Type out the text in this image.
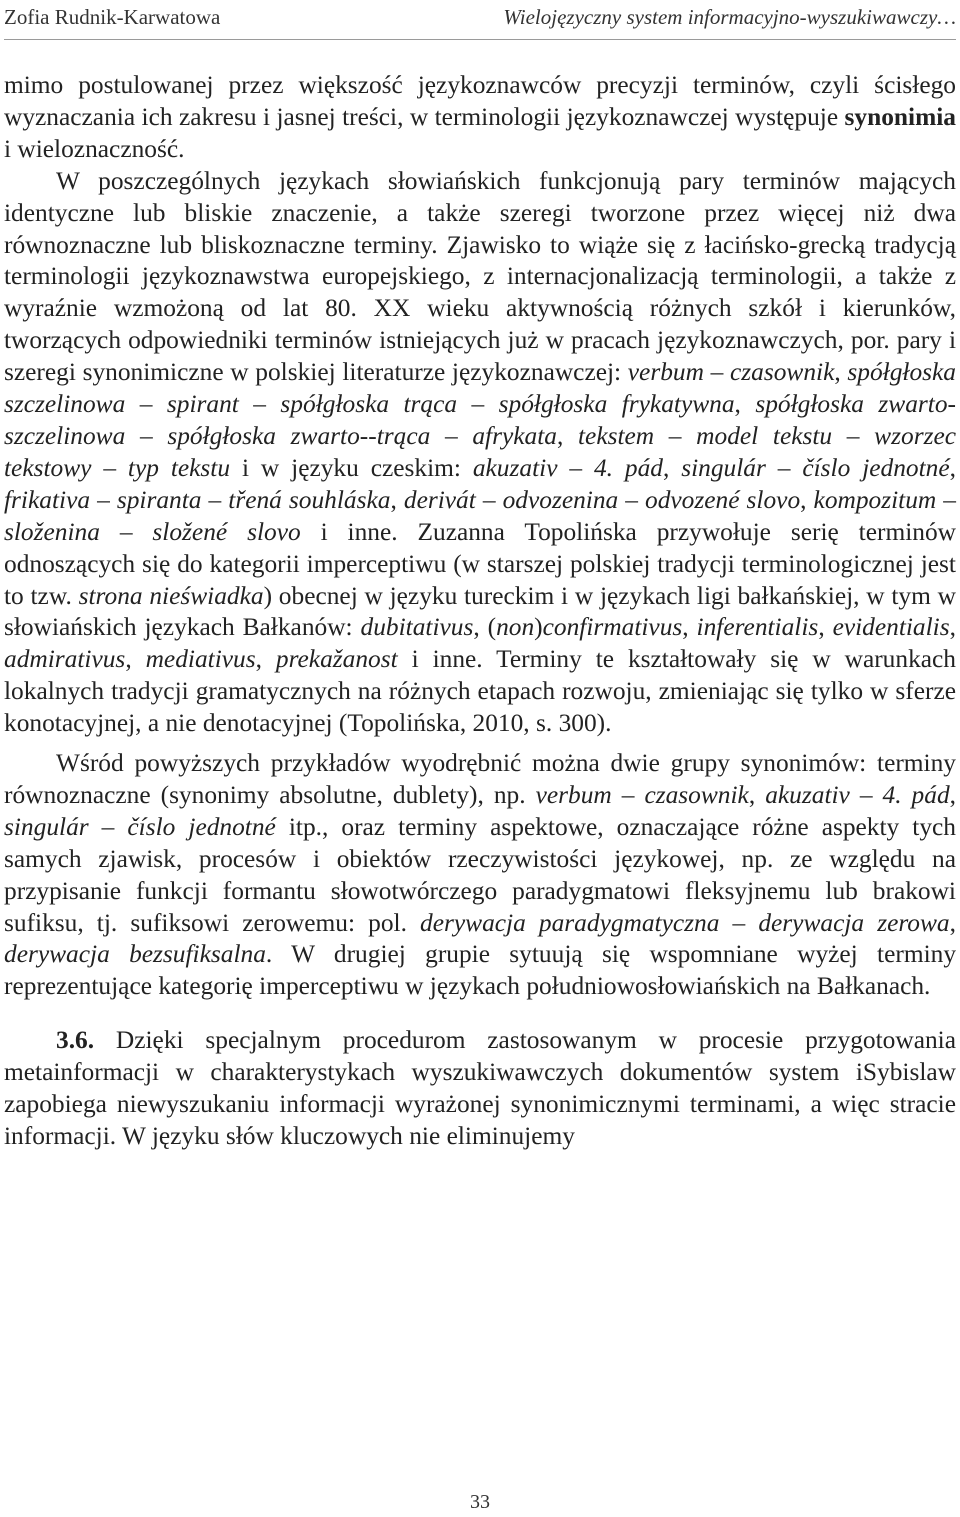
Zofia Rudnik-Karwatowa	Wielojęzyczny system informacyjno-wyszukiwawczy…

mimo postulowanej przez większość językoznawców precyzji terminów, czyli ścisłego wyznaczania ich zakresu i jasnej treści, w terminologii językoznawczej występuje synonimia i wieloznaczność.

W poszczególnych językach słowiańskich funkcjonują pary terminów mających identyczne lub bliskie znaczenie, a także szeregi tworzone przez więcej niż dwa równoznaczne lub bliskoznaczne terminy. Zjawisko to wiąże się z łacińsko-​grecką tradycją terminologii językoznawstwa europejskiego, z internacjonalizacją terminologii, a także z wyraźnie wzmożoną od lat 80. XX wieku aktywnością różnych szkół i kierunków, tworzących odpowiedniki terminów istniejących już w pracach językoznawczych, por. pary i szeregi synonimiczne w polskiej literaturze językoznawczej: verbum – czasownik, spółgłoska szczelinowa – spirant – spółgłoska trąca – spółgłoska frykatywna, spółgłoska zwarto-szczelinowa – spółgłoska zwarto-​-trąca – afrykata, tekstem – model tekstu – wzorzec tekstowy – typ tekstu i w języku czeskim: akuzativ – 4. pád, singulár – číslo jednotné, frikativa – spiranta – třená souhláska, derivát – odvozenina – odvozené slovo, kompozitum – složenina – složené slovo i inne. Zuzanna Topolińska przywołuje serię terminów odnoszących się do kategorii imperceptiwu (w starszej polskiej tradycji terminologicznej jest to tzw. strona nieświadka) obecnej w języku tureckim i w językach ligi bałkańskiej, w tym w słowiańskich językach Bałkanów: dubitativus, (non)confirmativus, inferentialis, evidentialis, admirativus, mediativus, prekažanost i inne. Terminy te kształtowały się w warunkach lokalnych tradycji gramatycznych na różnych etapach rozwoju, zmieniając się tylko w sferze konotacyjnej, a nie denotacyjnej (Topolińska, 2010, s. 300).

Wśród powyższych przykładów wyodrębnić można dwie grupy synonimów: terminy równoznaczne (synonimy absolutne, dublety), np. verbum – czasownik, akuzativ – 4. pád, singulár – číslo jednotné itp., oraz terminy aspektowe, oznaczające różne aspekty tych samych zjawisk, procesów i obiektów rzeczywistości językowej, np. ze względu na przypisanie funkcji formantu słowotwórczego paradygmatowi fleksyjnemu lub brakowi sufiksu, tj. sufiksowi zerowemu: pol. derywacja paradygmatyczna – derywacja zerowa, derywacja bezsufiksalna. W drugiej grupie sytuują się wspomniane wyżej terminy reprezentujące kategorię imperceptiwu w językach południowosłowiańskich na Bałkanach.

3.6. Dzięki specjalnym procedurom zastosowanym w procesie przygotowania metainformacji w charakterystykach wyszukiwawczych dokumentów system iSybislaw zapobiega niewyszukaniu informacji wyrażonej synonimicznymi terminami, a więc stracie informacji. W języku słów kluczowych nie eliminujemy

33
